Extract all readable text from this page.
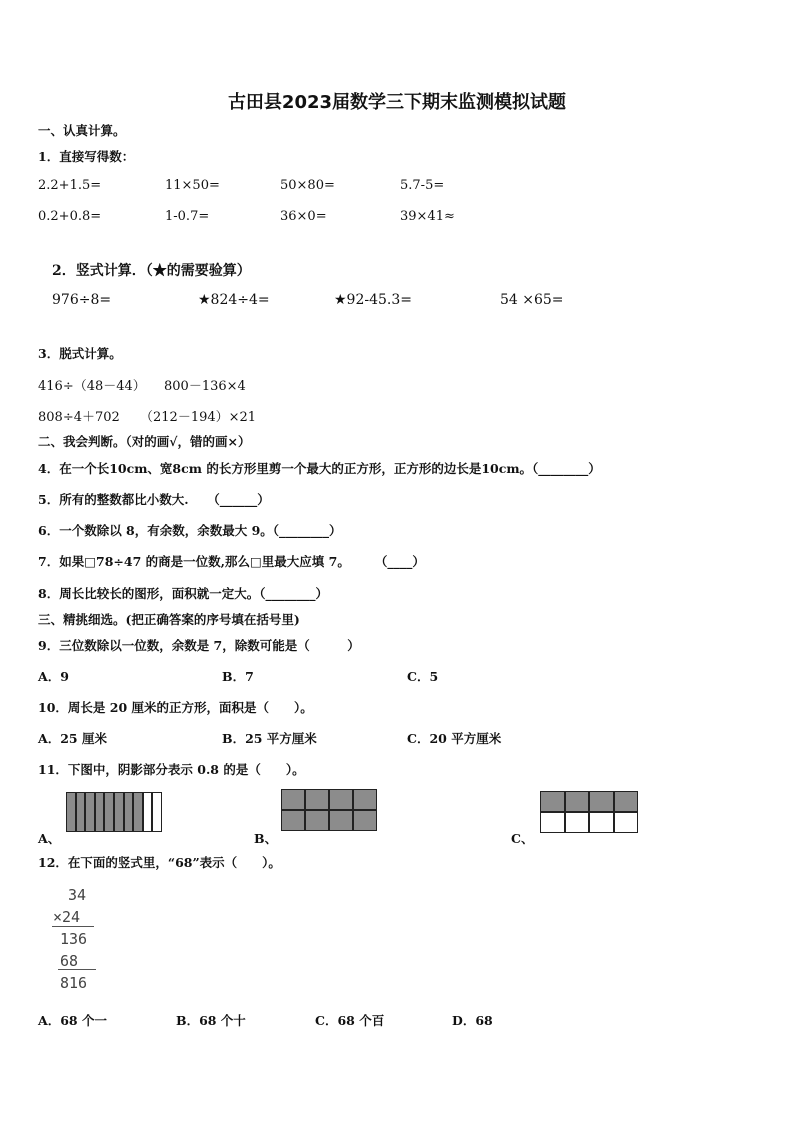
古田县2023届数学三下期末监测模拟试题
一、认真计算。
1．直接写得数：
2.2+1.5=	11×50=	50×80=	5.7-5=
0.2+0.8=	1-0.7=	36×0=	39×41≈
2．竖式计算．（★的需要验算）
976÷8=	★824÷4=	★92-45.3=	54 ×65=
3．脱式计算。
416÷（48－44） 800－136×4
808÷4＋702 （212－194）×21
二、我会判断。（对的画√，错的画×）
4．在一个长10cm、宽8cm 的长方形里剪一个最大的正方形，正方形的边长是10cm。（________）
5．所有的整数都比小数大.　　（______）
6．一个数除以 8，有余数，余数最大 9。（________）
7．如果□78÷47 的商是一位数,那么□里最大应填 7。　　　（____）
8．周长比较长的图形，面积就一定大。（________）
三、精挑细选。(把正确答案的序号填在括号里)
9．三位数除以一位数，余数是 7，除数可能是（　　　）
A．9	B．7	C．5
10．周长是 20 厘米的正方形，面积是（　　）。
A．25 厘米	B．25 平方厘米	C．20 平方厘米
11．下图中，阴影部分表示 0.8 的是（　　）。
A、	B、	C、
12．在下面的竖式里，“68”表示（　　）。
34
×24
136
68
816
A．68 个一	B．68 个十	C．68 个百	D．68
